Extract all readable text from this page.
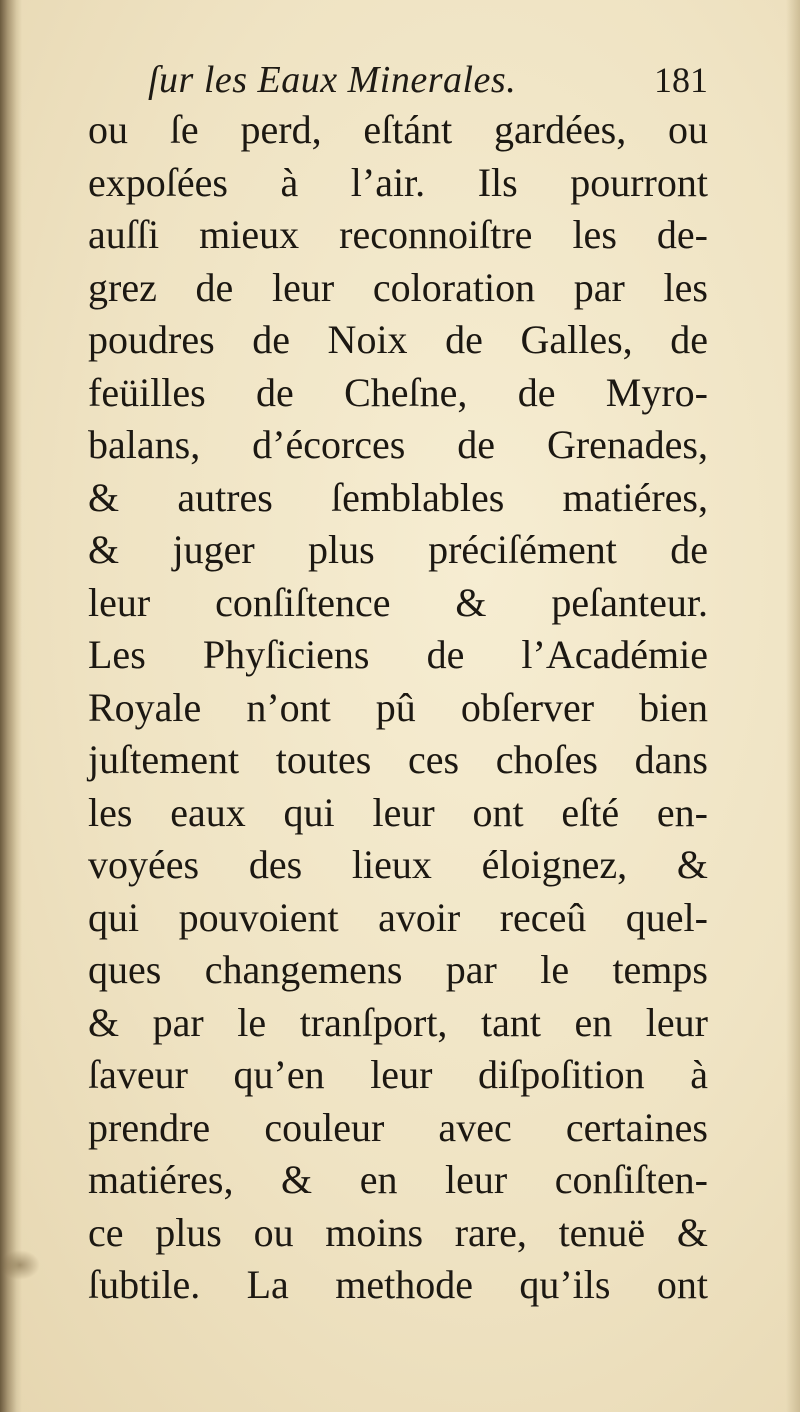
ſur les Eaux Minerales.	181
ou ſe perd, eſtánt gardées, ou
expoſées à l’air. Ils pourront
auſſi mieux reconnoiſtre les de-
grez de leur coloration par les
poudres de Noix de Galles, de
feüilles de Cheſne, de Myro-
balans, d’écorces de Grenades,
& autres ſemblables matiéres,
& juger plus préciſément de
leur conſiſtence & peſanteur.
Les Phyſiciens de l’Académie
Royale n’ont pû obſerver bien
juſtement toutes ces choſes dans
les eaux qui leur ont eſté en-
voyées des lieux éloignez, &
qui pouvoient avoir receû quel-
ques changemens par le temps
& par le tranſport, tant en leur
ſaveur qu’en leur diſpoſition à
prendre couleur avec certaines
matiéres, & en leur conſiſten-
ce plus ou moins rare, tenuë &
ſubtile. La methode qu’ils ont
